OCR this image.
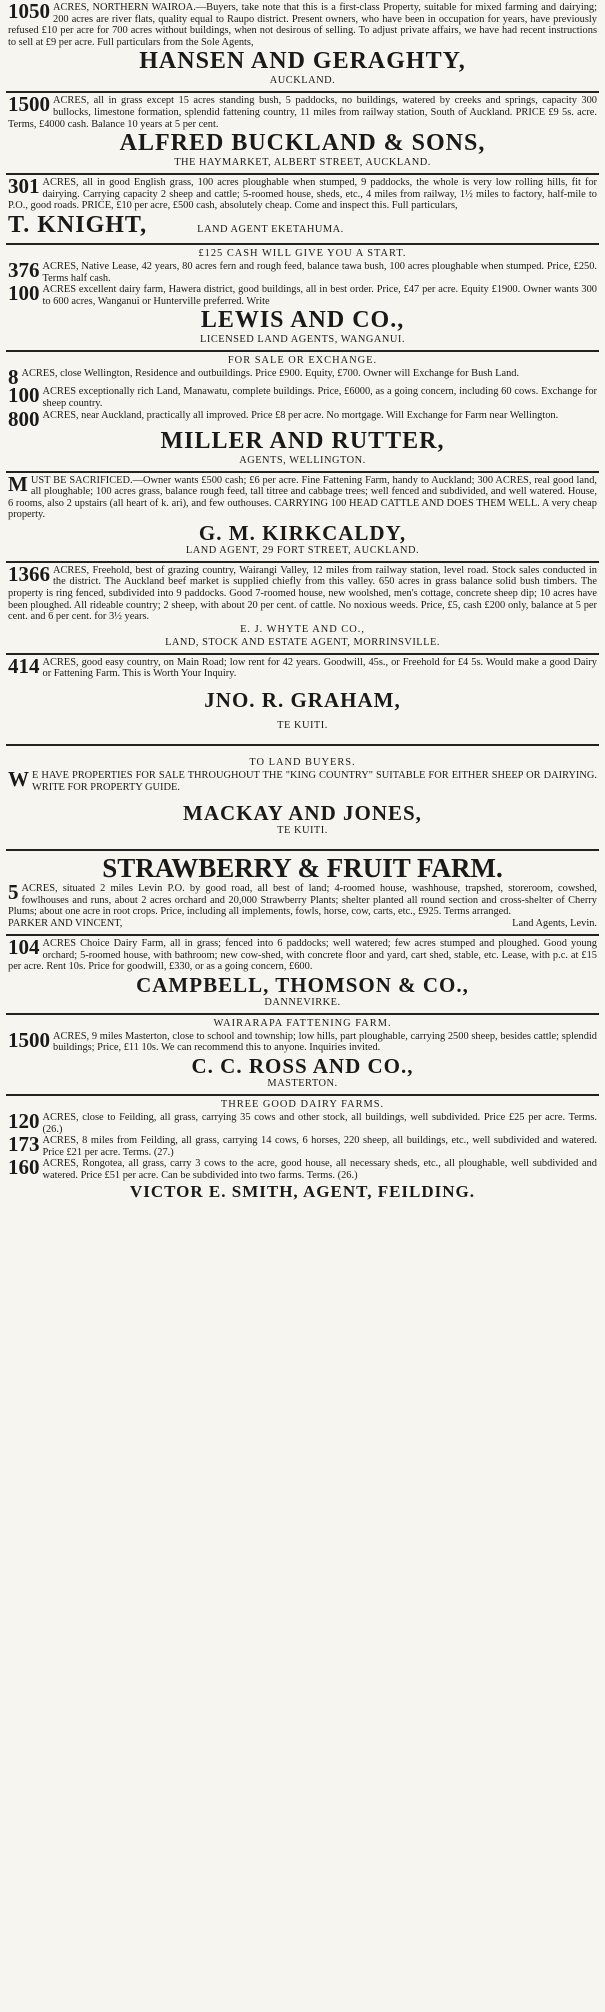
1050 ACRES, NORTHERN WAIROA.—Buyers, take note that this is a first-class Property, suitable for mixed farming and dairying; 200 acres are river flats, quality equal to Raupo district. Present owners, who have been in occupation for years, have previously refused £10 per acre for 700 acres without buildings, when not desirous of selling. To adjust private affairs, we have had recent instructions to sell at £9 per acre. Full particulars from the Sole Agents,

HANSEN AND GERAGHTY,
AUCKLAND.

1500 ACRES, all in grass except 15 acres standing bush, 5 paddocks, no buildings, watered by creeks and springs, capacity 300 bullocks, limestone formation, splendid fattening country, 11 miles from railway station, South of Auckland. PRICE £9 5s. acre. Terms, £4000 cash. Balance 10 years at 5 per cent.

ALFRED BUCKLAND & SONS,
THE HAYMARKET, ALBERT STREET, AUCKLAND.

301 ACRES, all in good English grass, 100 acres ploughable when stumped, 9 paddocks, the whole is very low rolling hills, fit for dairying. Carrying capacity 2 sheep and cattle; 5-roomed house, sheds, etc., 4 miles from railway, 1½ miles to factory, half-mile to P.O., good roads. PRICE, £10 per acre, £500 cash, absolutely cheap. Come and inspect this. Full particulars,

T. KNIGHT,	LAND AGENT EKETAHUMA.
£125 CASH WILL GIVE YOU A START.

376 ACRES, Native Lease, 42 years, 80 acres fern and rough feed, balance tawa bush, 100 acres ploughable when stumped. Price, £250. Terms half cash.

100 ACRES excellent dairy farm, Hawera district, good buildings, all in best order. Price, £47 per acre. Equity £1900. Owner wants 300 to 600 acres, Wanganui or Hunterville preferred. Write

LEWIS AND CO.,
LICENSED LAND AGENTS, WANGANUI.
FOR SALE OR EXCHANGE.

8 ACRES, close Wellington, Residence and outbuildings. Price £900. Equity, £700. Owner will Exchange for Bush Land.

100 ACRES exceptionally rich Land, Manawatu, complete buildings. Price, £6000, as a going concern, including 60 cows. Exchange for sheep country.

800 ACRES, near Auckland, practically all improved. Price £8 per acre. No mortgage. Will Exchange for Farm near Wellington.

MILLER AND RUTTER,
AGENTS, WELLINGTON.

MUST BE SACRIFICED.—Owner wants £500 cash; £6 per acre. Fine Fattening Farm, handy to Auckland; 300 ACRES, real good land, all ploughable; 100 acres grass, balance rough feed, tall titree and cabbage trees; well fenced and subdivided, and well watered. House, 6 rooms, also 2 upstairs (all heart of k. ari), and few outhouses. CARRYING 100 HEAD CATTLE AND DOES THEM WELL. A very cheap property.

G. M. KIRKCALDY,
LAND AGENT, 29 FORT STREET, AUCKLAND.

1366 ACRES, Freehold, best of grazing country, Wairangi Valley, 12 miles from railway station, level road. Stock sales conducted in the district. The Auckland beef market is supplied chiefly from this valley. 650 acres in grass balance solid bush timbers. The property is ring fenced, subdivided into 9 paddocks. Good 7-roomed house, new woolshed, men's cottage, concrete sheep dip; 10 acres have been ploughed. All rideable country; 2 sheep, with about 20 per cent. of cattle. No noxious weeds. Price, £5, cash £200 only, balance at 5 per cent. and 6 per cent. for 3½ years.

E. J. WHYTE AND CO.,
LAND, STOCK AND ESTATE AGENT, MORRINSVILLE.

414 ACRES, good easy country, on Main Road; low rent for 42 years. Goodwill, 45s., or Freehold for £4 5s. Would make a good Dairy or Fattening Farm. This is Worth Your Inquiry.

JNO. R. GRAHAM,
TE KUITI.
TO LAND BUYERS.

W E HAVE PROPERTIES FOR SALE THROUGHOUT THE "KING COUNTRY" SUITABLE FOR EITHER SHEEP OR DAIRYING. WRITE FOR PROPERTY GUIDE.

MACKAY AND JONES,
TE KUITI.
STRAWBERRY & FRUIT FARM.

5 ACRES, situated 2 miles Levin P.O. by good road, all best of land; 4-roomed house, washhouse, trapshed, storeroom, cowshed, fowlhouses and runs, about 2 acres orchard and 20,000 Strawberry Plants; shelter planted all round section and cross-shelter of Cherry Plums; about one acre in root crops. Price, including all implements, fowls, horse, cow, carts, etc., £925. Terms arranged.

PARKER AND VINCENT,	Land Agents, Levin.

104 ACRES Choice Dairy Farm, all in grass; fenced into 6 paddocks; well watered; few acres stumped and ploughed. Good young orchard; 5-roomed house, with bathroom; new cow-shed, with concrete floor and yard, cart shed, stable, etc. Lease, with p.c. at £15 per acre. Rent 10s. Price for goodwill, £330, or as a going concern, £600.

CAMPBELL, THOMSON & CO.,
DANNEVIRKE.
WAIRARAPA FATTENING FARM.

1500 ACRES, 9 miles Masterton, close to school and township; low hills, part ploughable, carrying 2500 sheep, besides cattle; splendid buildings; Price, £11 10s. We can recommend this to anyone. Inquiries invited.

C. C. ROSS AND CO.,
MASTERTON.
THREE GOOD DAIRY FARMS.

120 ACRES, close to Feilding, all grass, carrying 35 cows and other stock, all buildings, well subdivided. Price £25 per acre. Terms. (26.)

173 ACRES, 8 miles from Feilding, all grass, carrying 14 cows, 6 horses, 220 sheep, all buildings, etc., well subdivided and watered. Price £21 per acre. Terms. (27.)

160 ACRES, Rongotea, all grass, carry 3 cows to the acre, good house, all necessary sheds, etc., all ploughable, well subdivided and watered. Price £51 per acre. Can be subdivided into two farms. Terms. (26.)

VICTOR E. SMITH, AGENT, FEILDING.
